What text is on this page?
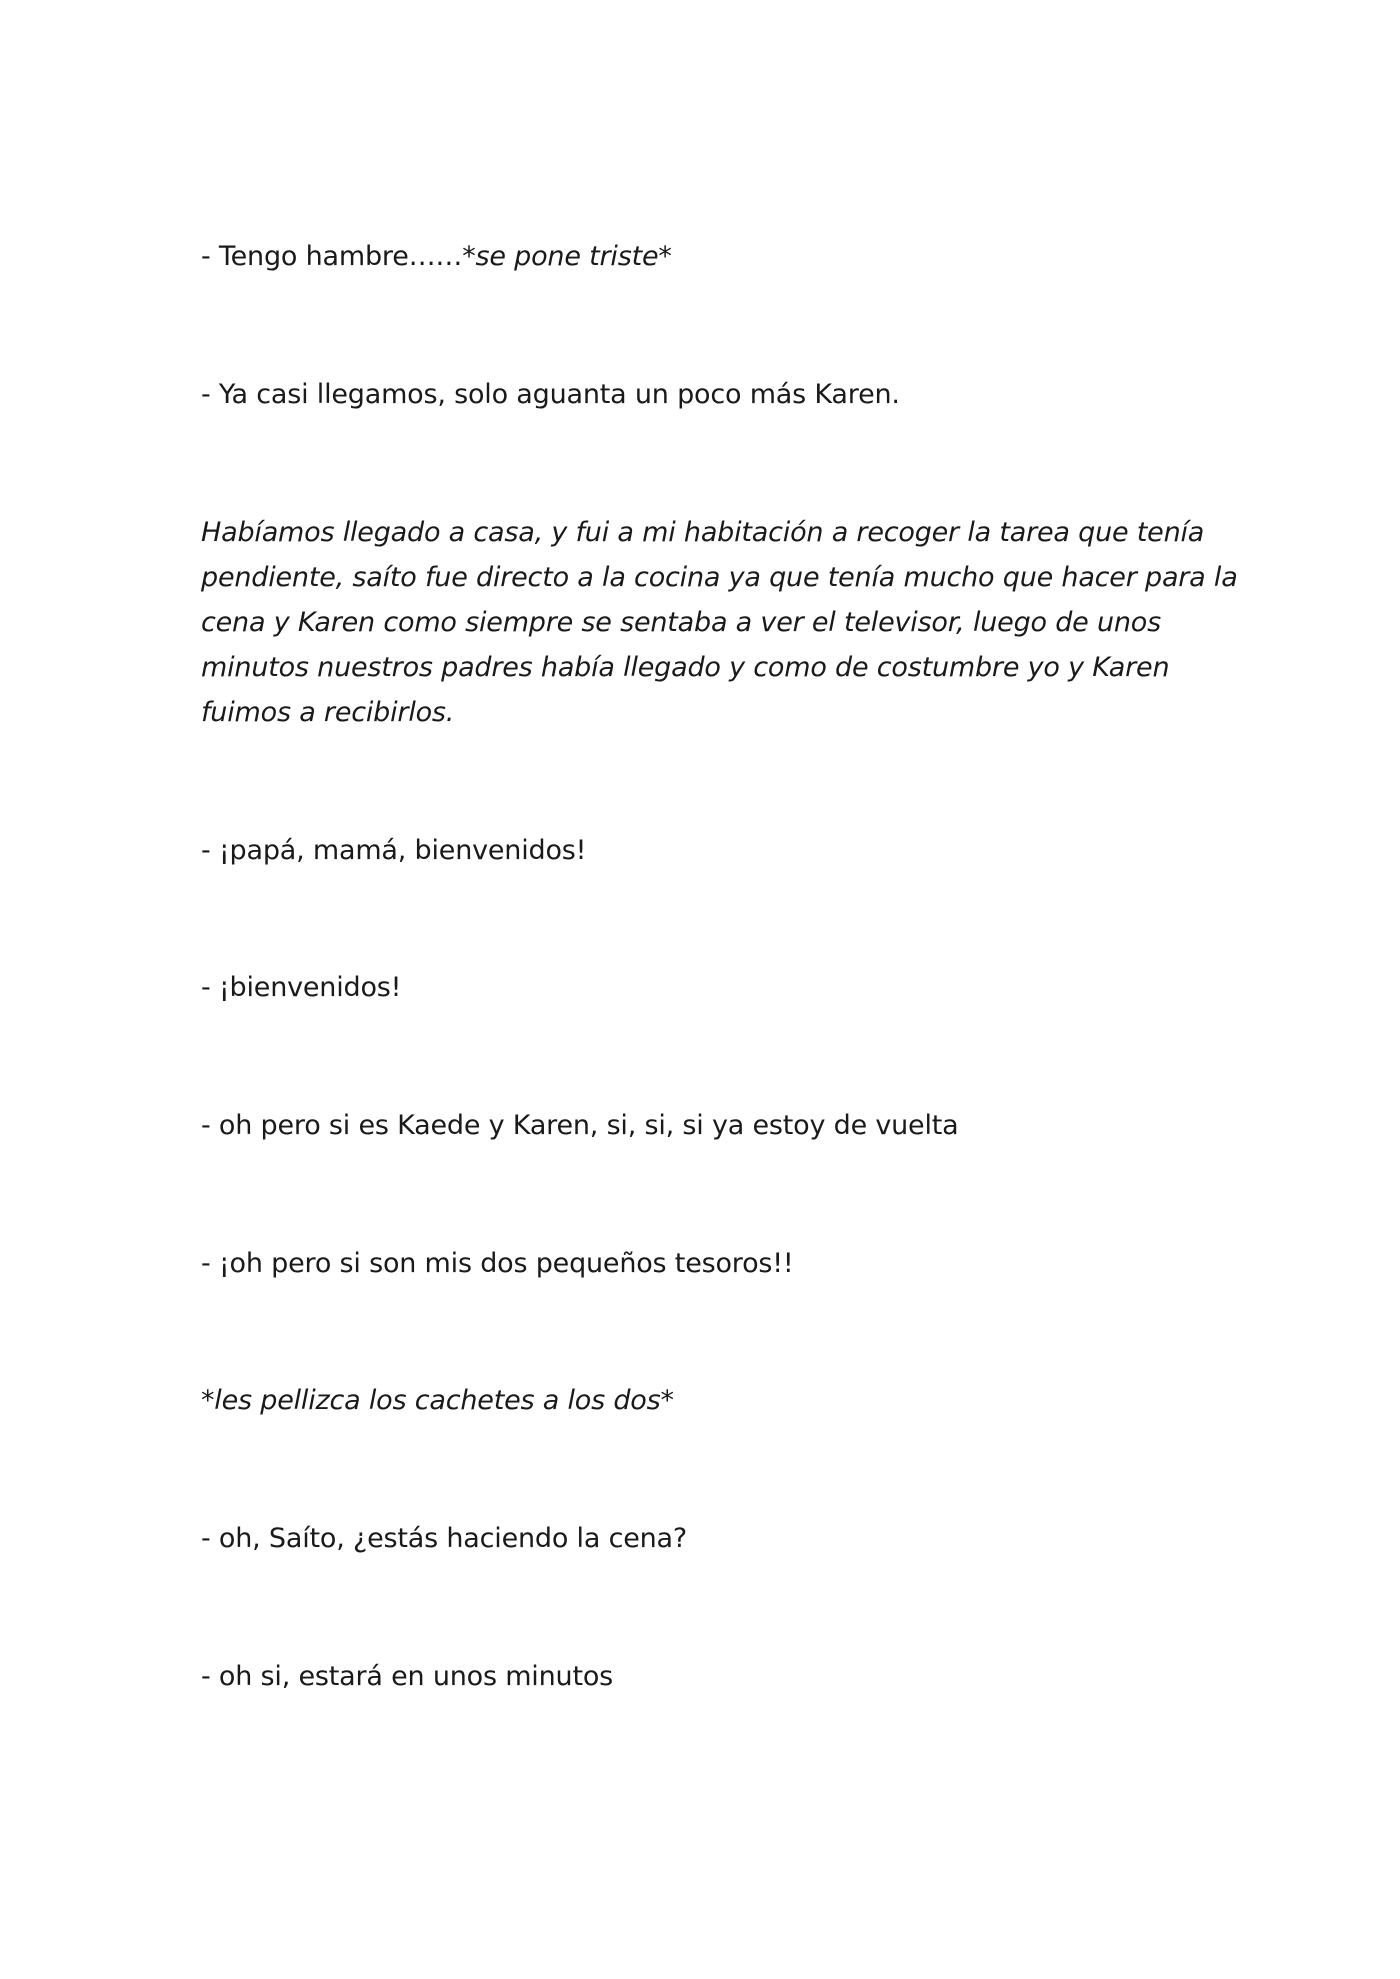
- Tengo hambre……*se pone triste*

- Ya casi llegamos, solo aguanta un poco más Karen.

Habíamos llegado a casa, y fui a mi habitación a recoger la tarea que tenía
pendiente, saíto fue directo a la cocina ya que tenía mucho que hacer para la
cena y Karen como siempre se sentaba a ver el televisor, luego de unos
minutos nuestros padres había llegado y como de costumbre yo y Karen
fuimos a recibirlos.

- ¡papá, mamá, bienvenidos!

- ¡bienvenidos!

- oh pero si es Kaede y Karen, si, si, si ya estoy de vuelta

- ¡oh pero si son mis dos pequeños tesoros!!

*les pellizca los cachetes a los dos*

- oh, Saíto, ¿estás haciendo la cena?

- oh si, estará en unos minutos
